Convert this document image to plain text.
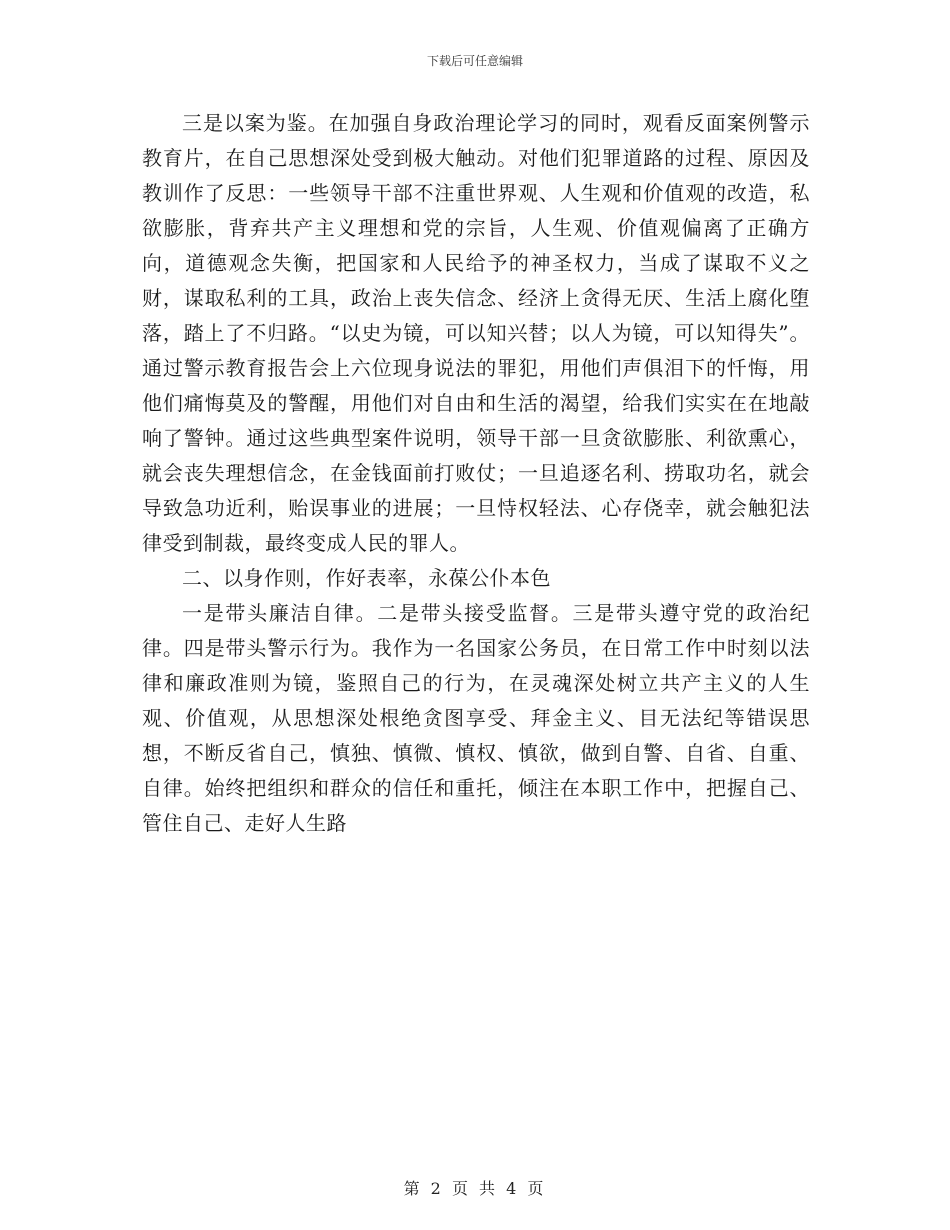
下载后可任意编辑

三是以案为鉴。在加强自身政治理论学习的同时，观看反面案例警示教育片，在自己思想深处受到极大触动。对他们犯罪道路的过程、原因及教训作了反思：一些领导干部不注重世界观、人生观和价值观的改造，私欲膨胀，背弃共产主义理想和党的宗旨，人生观、价值观偏离了正确方向，道德观念失衡，把国家和人民给予的神圣权力，当成了谋取不义之财，谋取私利的工具，政治上丧失信念、经济上贪得无厌、生活上腐化堕落，踏上了不归路。“以史为镜，可以知兴替；以人为镜，可以知得失”。通过警示教育报告会上六位现身说法的罪犯，用他们声俱泪下的忏悔，用他们痛悔莫及的警醒，用他们对自由和生活的渴望，给我们实实在在地敲响了警钟。通过这些典型案件说明，领导干部一旦贪欲膨胀、利欲熏心，就会丧失理想信念，在金钱面前打败仗；一旦追逐名利、捞取功名，就会导致急功近利，贻误事业的进展；一旦恃权轻法、心存侥幸，就会触犯法律受到制裁，最终变成人民的罪人。

二、以身作则，作好表率，永葆公仆本色

一是带头廉洁自律。二是带头接受监督。三是带头遵守党的政治纪律。四是带头警示行为。我作为一名国家公务员，在日常工作中时刻以法律和廉政准则为镜，鉴照自己的行为，在灵魂深处树立共产主义的人生观、价值观，从思想深处根绝贪图享受、拜金主义、目无法纪等错误思想，不断反省自己，慎独、慎微、慎权、慎欲，做到自警、自省、自重、自律。始终把组织和群众的信任和重托，倾注在本职工作中，把握自己、管住自己、走好人生路

第 2 页 共 4 页
